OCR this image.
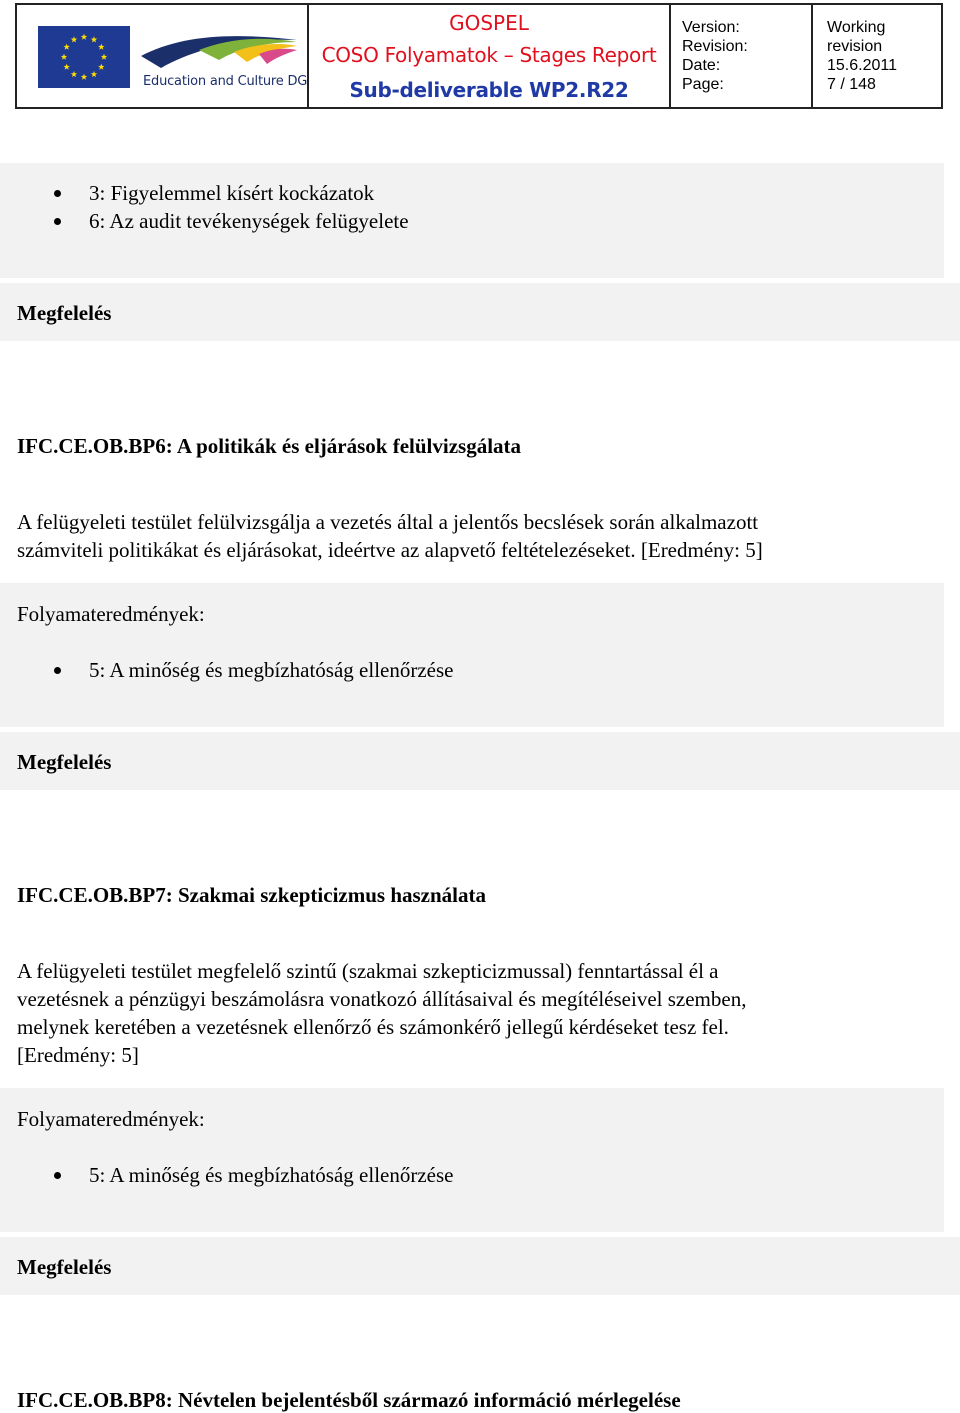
Education and Culture DG
GOSPEL
COSO Folyamatok – Stages Report
Sub-deliverable WP2.R22
Version:
Revision:
Date:
Page:
Working
revision
15.6.2011
7 / 148
3: Figyelemmel kísért kockázatok
6: Az audit tevékenységek felügyelete
Megfelelés
IFC.CE.OB.BP6: A politikák és eljárások felülvizsgálata
A felügyeleti testület felülvizsgálja a vezetés által a jelentős becslések során alkalmazott
számviteli politikákat és eljárásokat, ideértve az alapvető feltételezéseket. [Eredmény: 5]
Folyamateredmények:
5: A minőség és megbízhatóság ellenőrzése
Megfelelés
IFC.CE.OB.BP7: Szakmai szkepticizmus használata
A felügyeleti testület megfelelő szintű (szakmai szkepticizmussal) fenntartással él a
vezetésnek a pénzügyi beszámolásra vonatkozó állításaival és megítéléseivel szemben,
melynek keretében a vezetésnek ellenőrző és számonkérő jellegű kérdéseket tesz fel.
[Eredmény: 5]
Folyamateredmények:
5: A minőség és megbízhatóság ellenőrzése
Megfelelés
IFC.CE.OB.BP8: Névtelen bejelentésből származó információ mérlegelése
